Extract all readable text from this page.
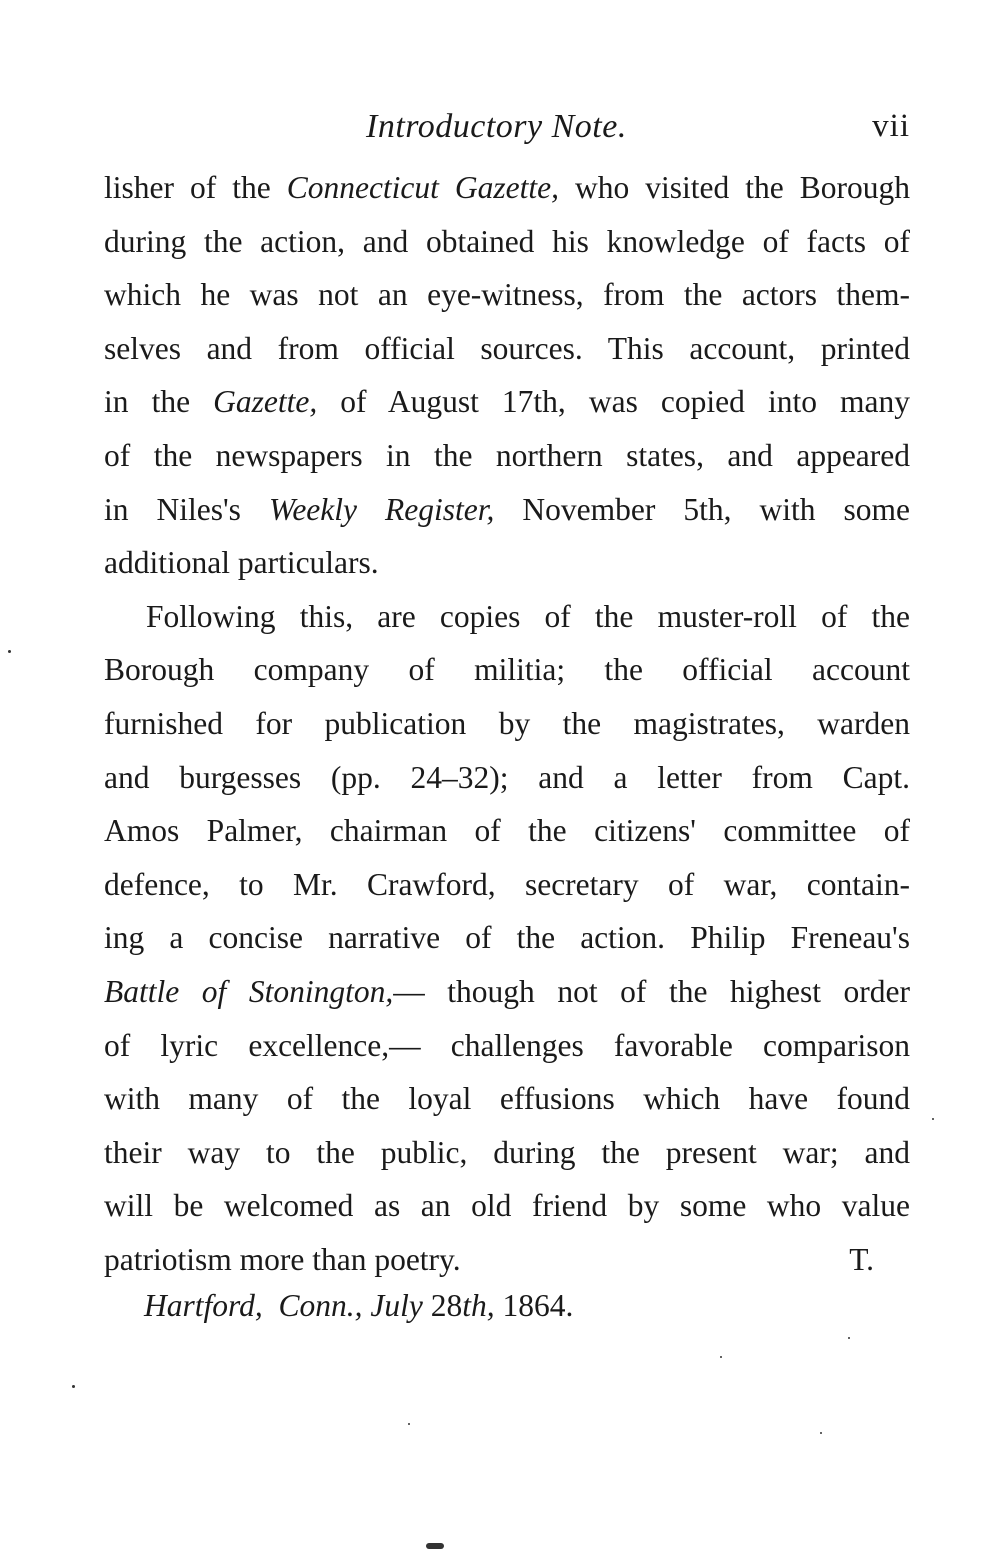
Introductory Note.	vii
lisher of the Connecticut Gazette, who visited the Borough
during the action, and obtained his knowledge of facts of
which he was not an eye-witness, from the actors them-
selves and from official sources. This account, printed
in the Gazette, of August 17th, was copied into many
of the newspapers in the northern states, and appeared
in Niles's Weekly Register, November 5th, with some
additional particulars.
Following this, are copies of the muster-roll of the
Borough company of militia; the official account
furnished for publication by the magistrates, warden
and burgesses (pp. 24–32); and a letter from Capt.
Amos Palmer, chairman of the citizens' committee of
defence, to Mr. Crawford, secretary of war, contain-
ing a concise narrative of the action. Philip Freneau's
Battle of Stonington,— though not of the highest order
of lyric excellence,— challenges favorable comparison
with many of the loyal effusions which have found
their way to the public, during the present war; and
will be welcomed as an old friend by some who value
patriotism more than poetry.	T.
Hartford, Conn., July 28th, 1864.
